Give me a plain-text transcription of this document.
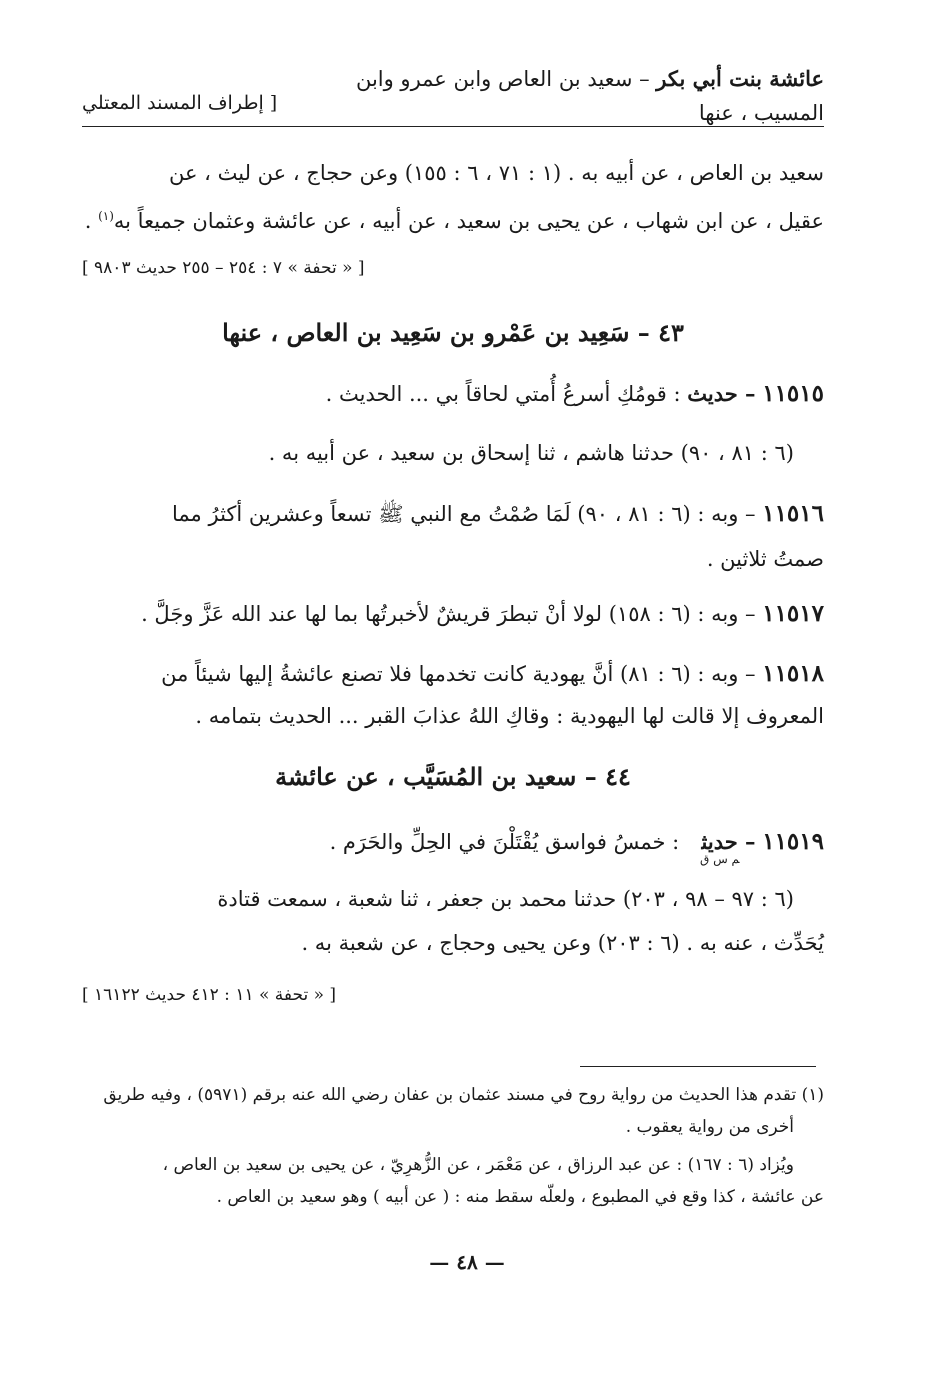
عائشة بنت أبي بكر – سعيد بن العاص وابن عمرو وابن
المسيب ، عنها
[ إطراف المسند المعتلي
سعيد بن العاص ، عن أبيه به . (١ : ٧١ ، ٦ : ١٥٥) وعن حجاج ، عن ليث ، عن
عقيل ، عن ابن شهاب ، عن يحيى بن سعيد ، عن أبيه ، عن عائشة وعثمان جميعاً به$^{(١)}$ .
[ « تحفة » ٧ : ٢٥٤ – ٢٥٥ حديث ٩٨٠٣ ]
٤٣ – سَعِيد بن عَمْرو بن سَعِيد بن العاص ، عنها
١١٥١٥ – حديث : قومُكِ أسرعُ أُمتي لحاقاً بي ... الحديث .
(٦ : ٨١ ، ٩٠) حدثنا هاشم ، ثنا إسحاق بن سعيد ، عن أبيه به .
١١٥١٦ – وبه : (٦ : ٨١ ، ٩٠) لَمَا صُمْتُ مع النبي ﷺ تسعاً وعشرين أكثرُ مما
صمتُ ثلاثين .
١١٥١٧ – وبه : (٦ : ١٥٨) لولا أنْ تبطرَ قريشٌ لأخبرتُها بما لها عند الله عَزَّ وجَلَّ .
١١٥١٨ – وبه : (٦ : ٨١) أنَّ يهودية كانت تخدمها فلا تصنع عائشةُ إليها شيئاً من
المعروف إلا قالت لها اليهودية : وقاكِ اللهُ عذابَ القبر ... الحديث بتمامه .
٤٤ – سعيد بن المُسَيَّب ، عن عائشة
١١٥١٩ – حديث$_{م س ق}$ : خمسُ فواسق يُقْتَلْنَ في الحِلِّ والحَرَم .
(٦ : ٩٧ – ٩٨ ، ٢٠٣) حدثنا محمد بن جعفر ، ثنا شعبة ، سمعت قتادة
يُحَدِّث ، عنه به . (٦ : ٢٠٣) وعن يحيى وحجاج ، عن شعبة به .
[ « تحفة » ١١ : ٤١٢ حديث ١٦١٢٢ ]
(١) تقدم هذا الحديث من رواية روح في مسند عثمان بن عفان رضي الله عنه برقم (٥٩٧١) ، وفيه طريق
أخرى من رواية يعقوب .
ويُزاد (٦ : ١٦٧) : عن عبد الرزاق ، عن مَعْمَر ، عن الزُّهرِيّ ، عن يحيى بن سعيد بن العاص ،
عن عائشة ، كذا وقع في المطبوع ، ولعلّه سقط منه : ( عن أبيه ) وهو سعيد بن العاص .
— ٤٨ —
